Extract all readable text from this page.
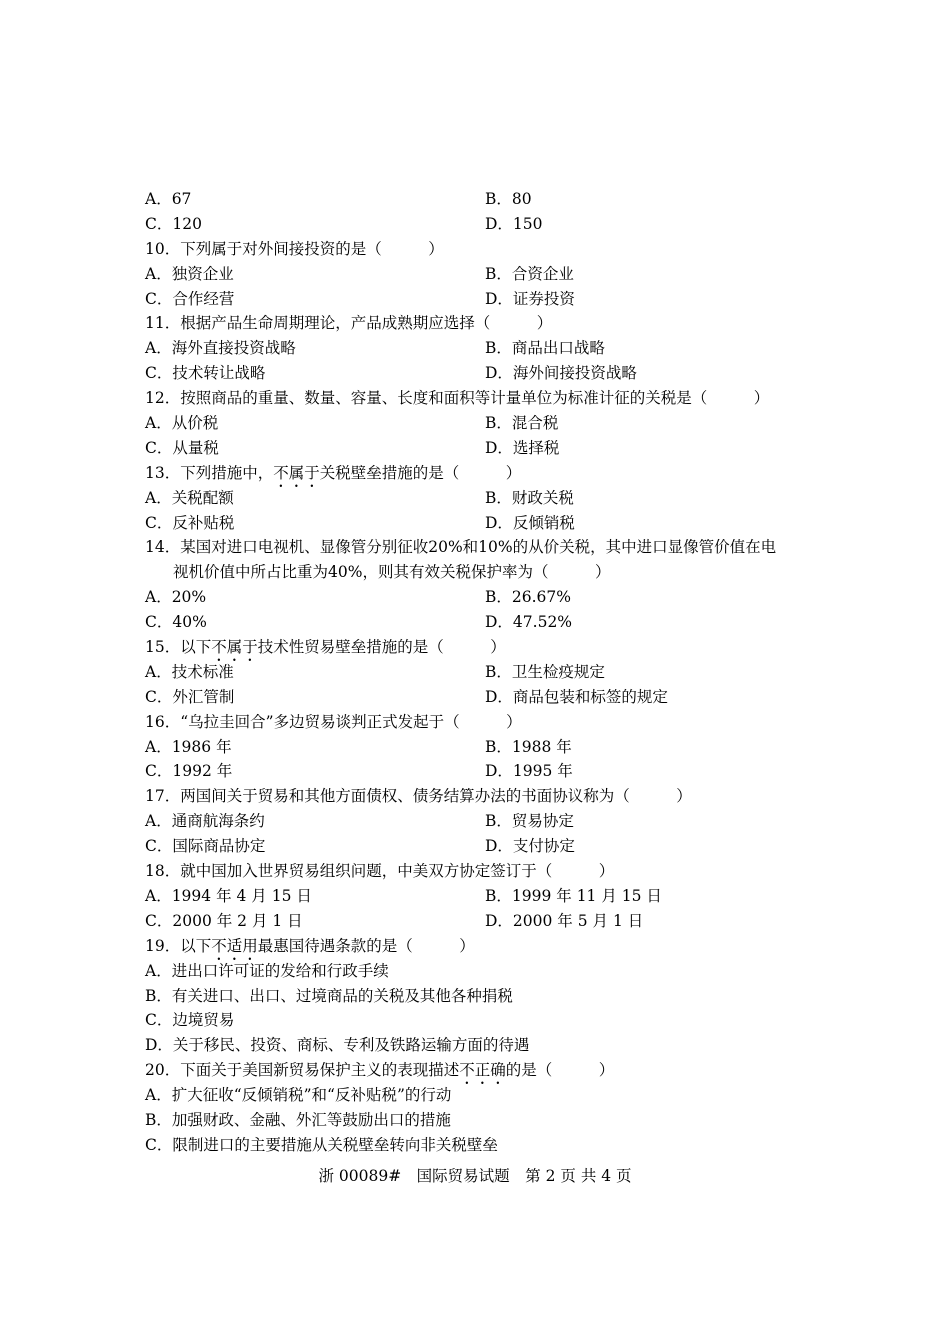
A．67	B．80
C．120	D．150
10．下列属于对外间接投资的是（　　　）
A．独资企业	B．合资企业
C．合作经营	D．证券投资
11．根据产品生命周期理论，产品成熟期应选择（　　　）
A．海外直接投资战略	B．商品出口战略
C．技术转让战略	D．海外间接投资战略
12．按照商品的重量、数量、容量、长度和面积等计量单位为标准计征的关税是（　　　）
A．从价税	B．混合税
C．从量税	D．选择税
13．下列措施中，不属于关税壁垒措施的是（　　　）
A．关税配额	B．财政关税
C．反补贴税	D．反倾销税
14．某国对进口电视机、显像管分别征收20%和10%的从价关税，其中进口显像管价值在电
视机价值中所占比重为40%，则其有效关税保护率为（　　　）
A．20%	B．26.67%
C．40%	D．47.52%
15．以下不属于技术性贸易壁垒措施的是（　　　）
A．技术标准	B．卫生检疫规定
C．外汇管制	D．商品包装和标签的规定
16．“乌拉圭回合”多边贸易谈判正式发起于（　　　）
A．1986 年	B．1988 年
C．1992 年	D．1995 年
17．两国间关于贸易和其他方面债权、债务结算办法的书面协议称为（　　　）
A．通商航海条约	B．贸易协定
C．国际商品协定	D．支付协定
18．就中国加入世界贸易组织问题，中美双方协定签订于（　　　）
A．1994 年 4 月 15 日	B．1999 年 11 月 15 日
C．2000 年 2 月 1 日	D．2000 年 5 月 1 日
19．以下不适用最惠国待遇条款的是（　　　）
A．进出口许可证的发给和行政手续
B．有关进口、出口、过境商品的关税及其他各种捐税
C．边境贸易
D．关于移民、投资、商标、专利及铁路运输方面的待遇
20．下面关于美国新贸易保护主义的表现描述不正确的是（　　　）
A．扩大征收“反倾销税”和“反补贴税”的行动
B．加强财政、金融、外汇等鼓励出口的措施
C．限制进口的主要措施从关税壁垒转向非关税壁垒
浙 00089#　国际贸易试题　第 2 页 共 4 页
